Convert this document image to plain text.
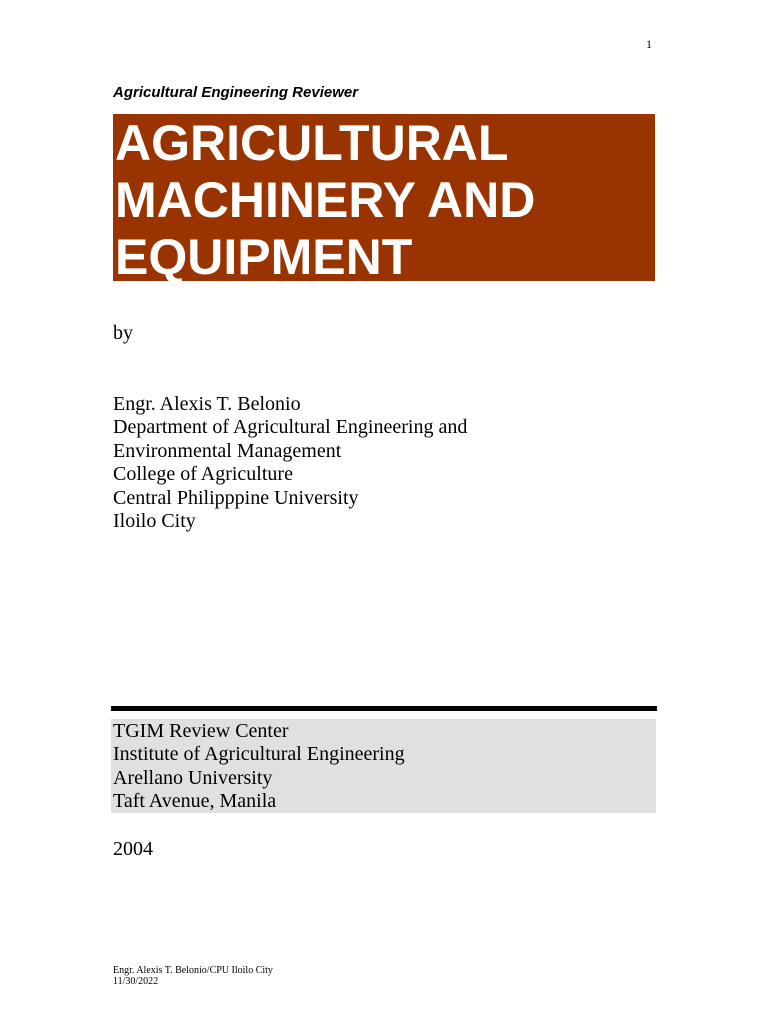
1
Agricultural Engineering Reviewer
AGRICULTURAL
MACHINERY AND
EQUIPMENT
by
Engr. Alexis T. Belonio
Department of Agricultural Engineering and
Environmental Management
College of Agriculture
Central Philipppine University
Iloilo City
TGIM Review Center
Institute of Agricultural Engineering
Arellano University
Taft Avenue, Manila
2004
Engr. Alexis T. Belonio/CPU Iloilo City
11/30/2022
